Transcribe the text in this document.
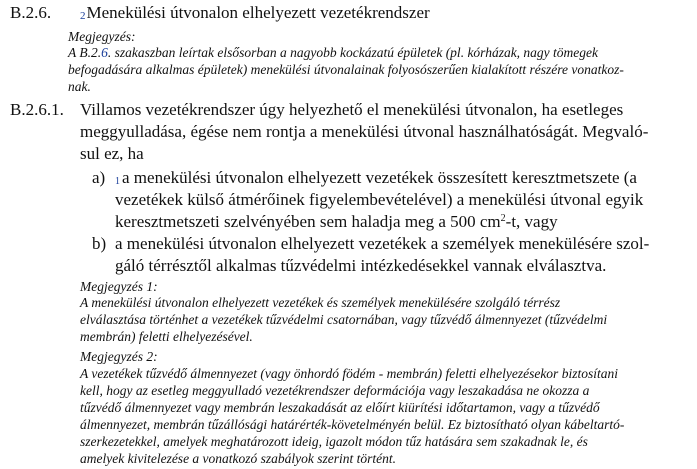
B.2.6.	2Menekülési útvonalon elhelyezett vezetékrendszer
Megjegyzés:
A B.2.6. szakaszban leírtak elsősorban a nagyobb kockázatú épületek (pl. kórházak, nagy tömegek
befogadására alkalmas épületek) menekülési útvonalainak folyosószerűen kialakított részére vonatkoz-
nak.
B.2.6.1. Villamos vezetékrendszer úgy helyezhető el menekülési útvonalon, ha esetleges
meggyulladása, égése nem rontja a menekülési útvonal használhatóságát. Megvaló-
sul ez, ha
a) 1 a menekülési útvonalon elhelyezett vezetékek összesített keresztmetszete (a
vezetékek külső átmérőinek figyelembevételével) a menekülési útvonal egyik
keresztmetszeti szelvényében sem haladja meg a 500 $cm^2-t$, vagy
b) a menekülési útvonalon elhelyezett vezetékek a személyek menekülésére szol-
gáló térrésztől alkalmas tűzvédelmi intézkedésekkel vannak elválasztva.
Megjegyzés 1:
A menekülési útvonalon elhelyezett vezetékek és személyek menekülésére szolgáló térrész
elválasztása történhet a vezetékek tűzvédelmi csatornában, vagy tűzvédő álmennyezet (tűzvédelmi
membrán) feletti elhelyezésével.
Megjegyzés 2:
A vezetékek tűzvédő álmennyezet (vagy önhordó födém - membrán) feletti elhelyezésekor biztosítani
kell, hogy az esetleg meggyulladó vezetékrendszer deformációja vagy leszakadása ne okozza a
tűzvédő álmennyezet vagy membrán leszakadását az előírt kiürítési időtartamon, vagy a tűzvédő
álmennyezet, membrán tűzállósági határérték-követelményén belül. Ez biztosítható olyan kábeltartó-
szerkezetekkel, amelyek meghatározott ideig, igazolt módon tűz hatására sem szakadnak le, és
amelyek kivitelezése a vonatkozó szabályok szerint történt.
